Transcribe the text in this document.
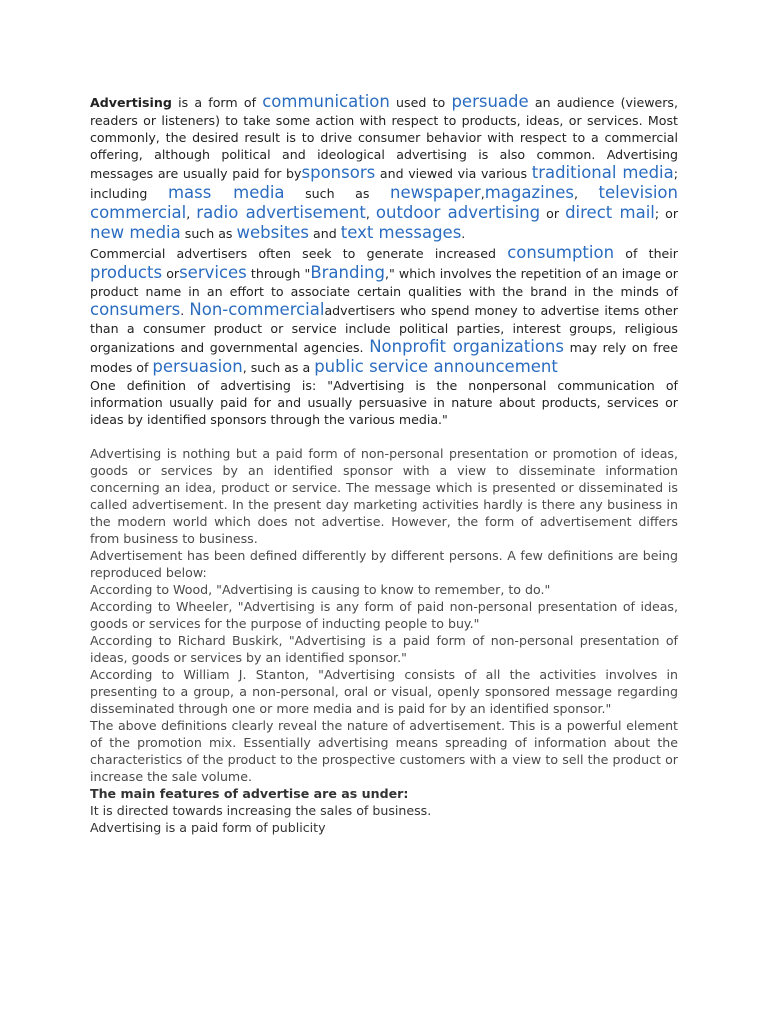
Advertising is a form of communication used to persuade an audience (viewers, readers or listeners) to take some action with respect to products, ideas, or services. Most commonly, the desired result is to drive consumer behavior with respect to a commercial offering, although political and ideological advertising is also common. Advertising messages are usually paid for bysponsors and viewed via various traditional media; including mass media such as newspaper,magazines, television commercial, radio advertisement, outdoor advertising or direct mail; or new media such as websites and text messages.

Commercial advertisers often seek to generate increased consumption of their products orservices through "Branding," which involves the repetition of an image or product name in an effort to associate certain qualities with the brand in the minds of consumers. Non-commercialadvertisers who spend money to advertise items other than a consumer product or service include political parties, interest groups, religious organizations and governmental agencies. Nonprofit organizations may rely on free modes of persuasion, such as a public service announcement

One definition of advertising is: "Advertising is the nonpersonal communication of information usually paid for and usually persuasive in nature about products, services or ideas by identified sponsors through the various media."

Advertising is nothing but a paid form of non-personal presentation or promotion of ideas, goods or services by an identified sponsor with a view to disseminate information concerning an idea, product or service. The message which is presented or disseminated is called advertisement. In the present day marketing activities hardly is there any business in the modern world which does not advertise. However, the form of advertisement differs from business to business.

Advertisement has been defined differently by different persons. A few definitions are being reproduced below:

According to Wood, "Advertising is causing to know to remember, to do."

According to Wheeler, "Advertising is any form of paid non-personal presentation of ideas, goods or services for the purpose of inducting people to buy."

According to Richard Buskirk, "Advertising is a paid form of non-personal presentation of ideas, goods or services by an identified sponsor."

According to William J. Stanton, "Advertising consists of all the activities involves in presenting to a group, a non-personal, oral or visual, openly sponsored message regarding disseminated through one or more media and is paid for by an identified sponsor."

The above definitions clearly reveal the nature of advertisement. This is a powerful element of the promotion mix. Essentially advertising means spreading of information about the characteristics of the product to the prospective customers with a view to sell the product or increase the sale volume.

The main features of advertise are as under:

It is directed towards increasing the sales of business.

Advertising is a paid form of publicity
